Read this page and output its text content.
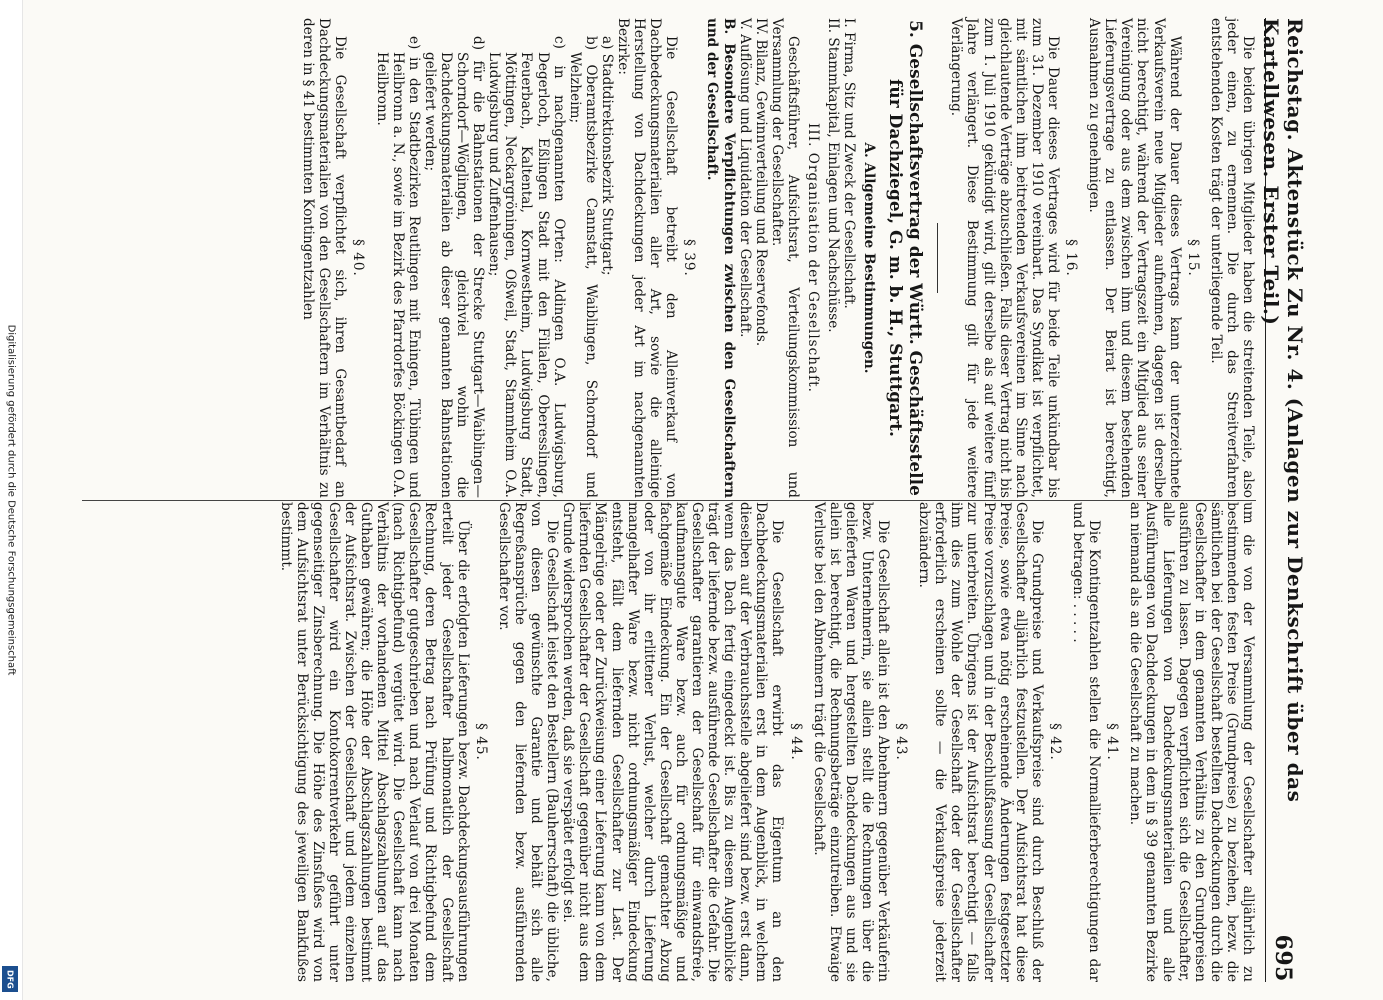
Digitalisierung gefördert durch die Deutsche Forschungsgemeinschaft
DFG
Reichstag. Aktenstück Zu Nr. 4. (Anlagen zur Denkschrift über das Kartellwesen. Erster Teil.)
695

Die beiden übrigen Mitglieder haben die streitenden Teile, also jeder einen, zu ernennen. Die durch das Streitverfahren entstehenden Kosten trägt der unterliegende Teil.

§ 15.

Während der Dauer dieses Vertrags kann der unterzeichnete Verkaufsverein neue Mitglieder aufnehmen, dagegen ist derselbe nicht berechtigt, während der Vertragszeit ein Mitglied aus seiner Vereinigung oder aus dem zwischen ihm und diesem bestehenden Lieferungsvertrage zu entlassen. Der Beirat ist berechtigt, Ausnahmen zu genehmigen.

§ 16.

Die Dauer dieses Vertrages wird für beide Teile unkündbar bis zum 31. Dezember 1910 vereinbart. Das Syndikat ist verpflichtet, mit sämtlichen ihm beitretenden Verkaufsvereinen im Sinne nach gleichlautende Verträge abzuschließen. Falls dieser Vertrag nicht bis zum 1. Juli 1910 gekündigt wird, gilt derselbe als auf weitere fünf Jahre verlängert. Diese Bestimmung gilt für jede weitere Verlängerung.

5. Gesellschaftsvertrag der Württ. Geschäftsstelle für Dachziegel, G. m. b. H., Stuttgart.

A. Allgemeine Bestimmungen.

I. Firma, Sitz und Zweck der Gesellschaft.

II. Stammkapital, Einlagen und Nachschüsse.

III. Organisation der Gesellschaft.

Geschäftsführer, Aufsichtsrat, Verteilungskommission und Versammlung der Gesellschafter.

IV. Bilanz, Gewinnverteilung und Reservefonds.

V. Auflösung und Liquidation der Gesellschaft.

B. Besondere Verpflichtungen zwischen den Gesellschaftern und der Gesellschaft.

§ 39.

Die Gesellschaft betreibt den Alleinverkauf von Dachbedeckungsmaterialien aller Art, sowie die alleinige Herstellung von Dachdeckungen jeder Art im nachgenannten Bezirke:

a) Stadtdirektionsbezirk Stuttgart;

b) Oberamtsbezirke Cannstatt, Waiblingen, Schorndorf und Welzheim;

c) in nachgenannten Orten: Aldingen O.A. Ludwigsburg, Degerloch, Eßlingen Stadt mit den Filialen, Oberesslingen, Feuerbach, Kaltental, Kornwestheim, Ludwigsburg Stadt, Möttingen, Neckargröningen, Oßweil, Stadt, Stammheim O.A. Ludwigsburg und Zuffenhausen;

d) für die Bahnstationen der Strecke Stuttgart—Waiblingen—Schorndorf—Wöglingen, gleichviel wohin die Dachdeckungsmaterialien ab dieser genannten Bahnstationen geliefert werden;

e) in den Stadtbezirken Reutlingen mit Eningen, Tübingen und Heilbronn a. N., sowie im Bezirk des Pfarrdorfes Böckingen O.A. Heilbronn.

§ 40.

Die Gesellschaft verpflichtet sich, ihren Gesamtbedarf an Dachdeckungsmaterialien von den Gesellschaftern im Verhältnis zu deren in § 41 bestimmten Kontingentzahlen

um die von der Versammlung der Gesellschafter alljährlich zu bestimmenden festen Preise (Grundpreise) zu beziehen, bezw. die sämtlichen bei der Gesellschaft bestellten Dachdeckungen durch die Gesellschafter in dem genannten Verhältnis zu den Grundpreisen ausführen zu lassen. Dagegen verpflichten sich die Gesellschafter, alle Lieferungen von Dachdeckungsmaterialien und alle Ausführungen von Dachdeckungen in dem in § 39 genannten Bezirke an niemand als an die Gesellschaft zu machen.

§ 41.

Die Kontingentzahlen stellen die Normallieferberechtigungen dar und betragen: . . . . .

§ 42.

Die Grundpreise und Verkaufspreise sind durch Beschluß der Gesellschafter alljährlich festzustellen. Der Aufsichtsrat hat diese Preise, sowie etwa nötig erscheinende Änderungen festgesetzter Preise vorzuschlagen und in der Beschlußfassung der Gesellschafter zur unterbreiten. Übrigens ist der Aufsichtsrat berechtigt — falls ihm dies zum Wohle der Gesellschaft oder der Gesellschafter erforderlich erscheinen sollte — die Verkaufspreise jederzeit abzuändern.

§ 43.

Die Gesellschaft allein ist den Abnehmern gegenüber Verkäuferin bezw. Unternehmerin, sie allein stellt die Rechnungen über die gelieferten Waren und hergestellten Dachdeckungen aus und sie allein ist berechtigt, die Rechnungsbeträge einzutreiben. Etwaige Verluste bei den Abnehmern trägt die Gesellschaft.

§ 44.

Die Gesellschaft erwirbt das Eigentum an den Dachbedeckungsmaterialien erst in dem Augenblick, in welchem dieselben auf der Verbrauchsstelle abgeliefert sind bezw. erst dann, wenn das Dach fertig eingedeckt ist. Bis zu diesem Augenblicke trägt der liefernde bezw. ausführende Gesellschafter die Gefahr. Die Gesellschafter garantieren der Gesellschaft für einwandsfreie, kaufmannsgute Ware bezw. auch für ordnungsmäßige und fachgemäße Eindeckung. Ein der Gesellschaft gemachter Abzug oder von ihr erlittener Verlust, welcher durch Lieferung mangelhafter Ware bezw. nicht ordnungsmäßiger Eindeckung entsteht, fällt dem liefernden Gesellschafter zur Last. Der Mängelrüge oder der Zurückweisung einer Lieferung kann von dem liefernden Gesellschafter der Gesellschaft gegenüber nicht aus dem Grunde widersprochen werden, daß sie verspätet erfolgt sei.

Die Gesellschaft leistet den Bestellern (Bauherrschaft) die übliche, von diesen gewünschte Garantie und behält sich alle Regreßansprüche gegen den liefernden bezw. ausführenden Gesellschafter vor.

§ 45.

Über die erfolgten Lieferungen bezw. Dachdeckungsausführungen erteilt jeder Gesellschafter halbmonatlich der Gesellschaft Rechnung, deren Betrag nach Prüfung und Richtigbefund dem Gesellschafter gutgeschrieben und nach Verlauf von drei Monaten (nach Richtigbefund) vergütet wird. Die Gesellschaft kann nach Verhältnis der vorhandenen Mittel Abschlagszahlungen auf das Guthaben gewähren; die Höhe der Abschlagszahlungen bestimmt der Aufsichtsrat. Zwischen der Gesellschaft und jedem einzelnen Gesellschafter wird ein Kontokorrentverkehr geführt unter gegenseitiger Zinsberechnung. Die Höhe des Zinsfußes wird von dem Aufsichtsrat unter Berücksichtigung des jeweiligen Bankfußes bestimmt.
